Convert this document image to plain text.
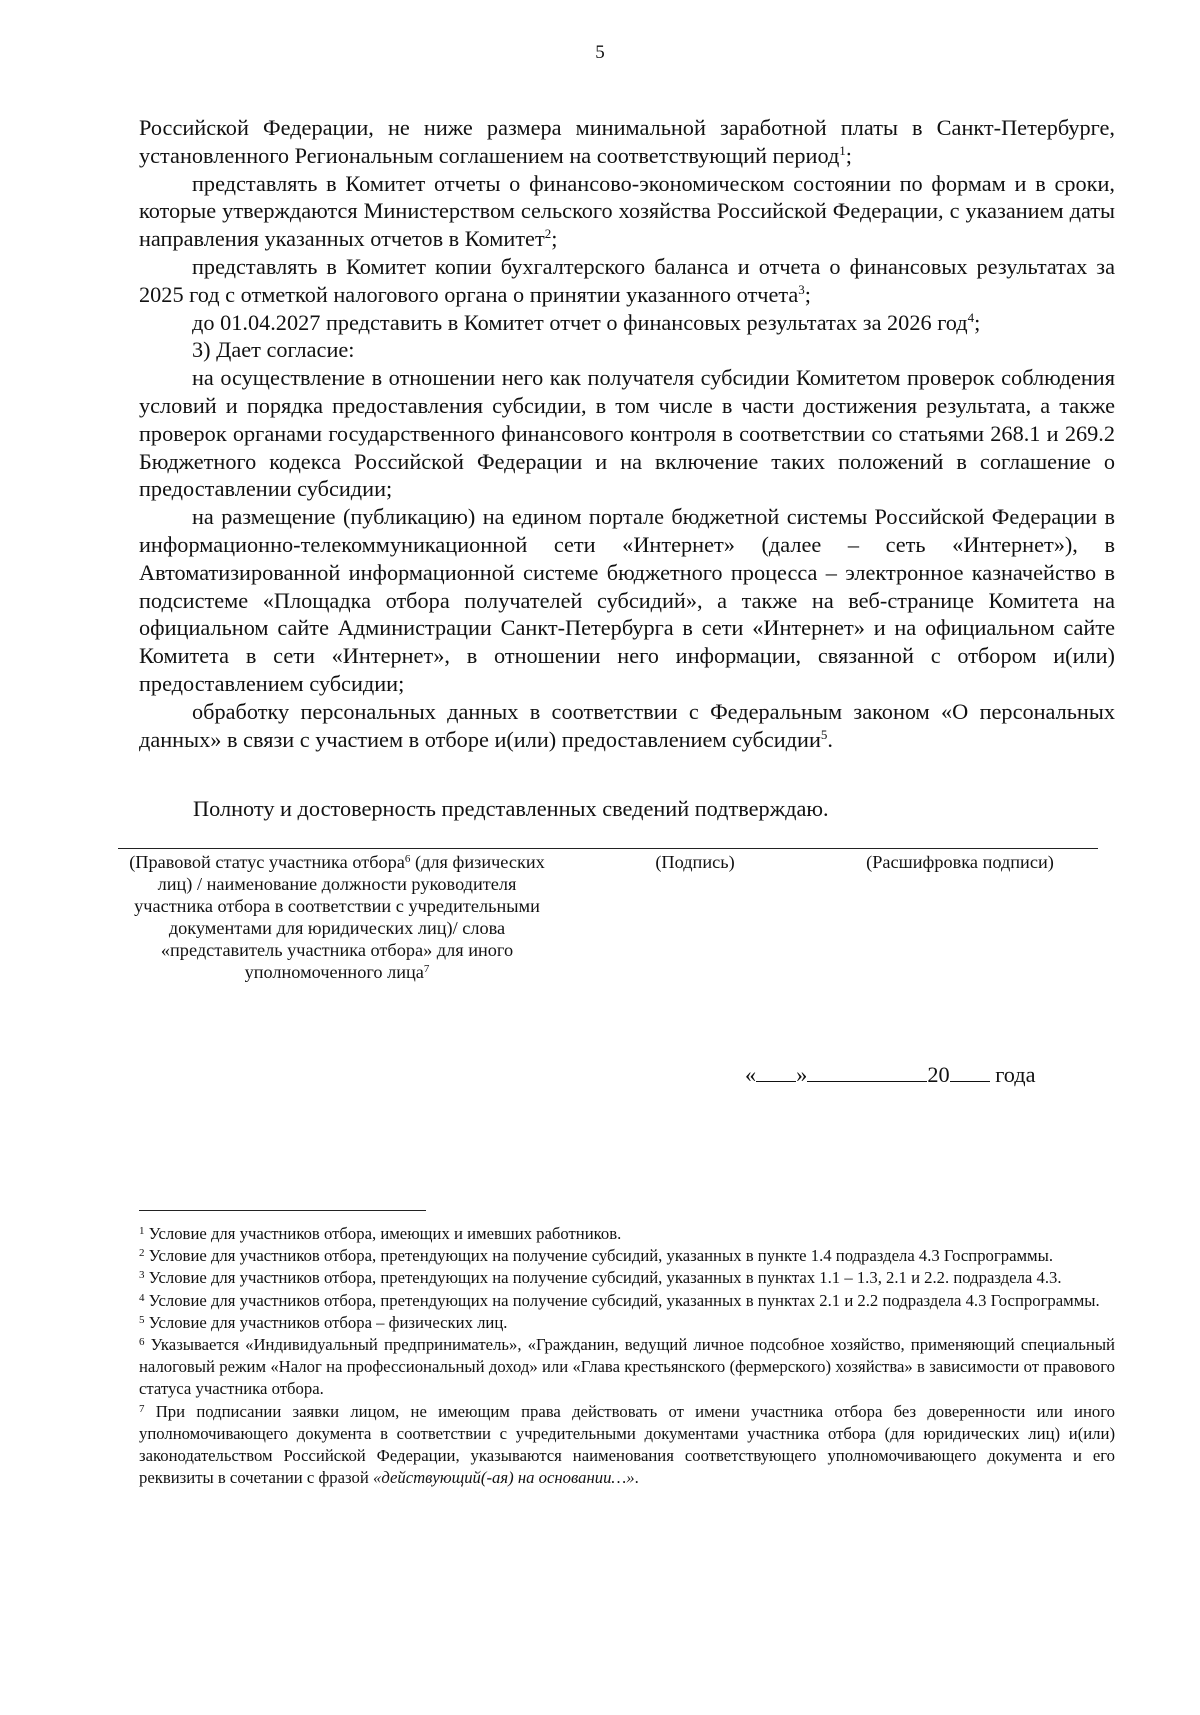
5

Российской Федерации, не ниже размера минимальной заработной платы в Санкт-Петербурге, установленного Региональным соглашением на соответствующий период$^1$;

представлять в Комитет отчеты о финансово-экономическом состоянии по формам и в сроки, которые утверждаются Министерством сельского хозяйства Российской Федерации, с указанием даты направления указанных отчетов в Комитет$^2$;

представлять в Комитет копии бухгалтерского баланса и отчета о финансовых результатах за 2025 год с отметкой налогового органа о принятии указанного отчета$^3$;

до 01.04.2027 представить в Комитет отчет о финансовых результатах за 2026 год$^4$;

3) Дает согласие:

на осуществление в отношении него как получателя субсидии Комитетом проверок соблюдения условий и порядка предоставления субсидии, в том числе в части достижения результата, а также проверок органами государственного финансового контроля в соответствии со статьями 268.1 и 269.2 Бюджетного кодекса Российской Федерации и на включение таких положений в соглашение о предоставлении субсидии;

на размещение (публикацию) на едином портале бюджетной системы Российской Федерации в информационно-телекоммуникационной сети «Интернет» (далее – сеть «Интернет»), в Автоматизированной информационной системе бюджетного процесса – электронное казначейство в подсистеме «Площадка отбора получателей субсидий», а также на веб-странице Комитета на официальном сайте Администрации Санкт-Петербурга в сети «Интернет» и на официальном сайте Комитета в сети «Интернет», в отношении него информации, связанной с отбором и(или) предоставлением субсидии;

обработку персональных данных в соответствии с Федеральным законом «О персональных данных» в связи с участием в отборе и(или) предоставлением субсидии$^5$.

Полноту и достоверность представленных сведений подтверждаю.
(Правовой статус участника отбора$^6$ (для физических лиц) / наименование должности руководителя участника отбора в соответствии с учредительными документами для юридических лиц)/ слова «представитель участника отбора» для иного уполномоченного лица$^7$
(Подпись)	(Расшифровка подписи)
« »	20 года

$^1$ Условие для участников отбора, имеющих и имевших работников.

$^2$ Условие для участников отбора, претендующих на получение субсидий, указанных в пункте 1.4 подраздела 4.3 Госпрограммы.

$^3$ Условие для участников отбора, претендующих на получение субсидий, указанных в пунктах 1.1 – 1.3, 2.1 и 2.2. подраздела 4.3.

$^4$ Условие для участников отбора, претендующих на получение субсидий, указанных в пунктах 2.1 и 2.2 подраздела 4.3 Госпрограммы.

$^5$ Условие для участников отбора – физических лиц.

$^6$ Указывается «Индивидуальный предприниматель», «Гражданин, ведущий личное подсобное хозяйство, применяющий специальный налоговый режим «Налог на профессиональный доход» или «Глава крестьянского (фермерского) хозяйства» в зависимости от правового статуса участника отбора.

$^7$ При подписании заявки лицом, не имеющим права действовать от имени участника отбора без доверенности или иного уполномочивающего документа в соответствии с учредительными документами участника отбора (для юридических лиц) и(или) законодательством Российской Федерации, указываются наименования соответствующего уполномочивающего документа и его реквизиты в сочетании с фразой «действующий(-ая) на основании…».
